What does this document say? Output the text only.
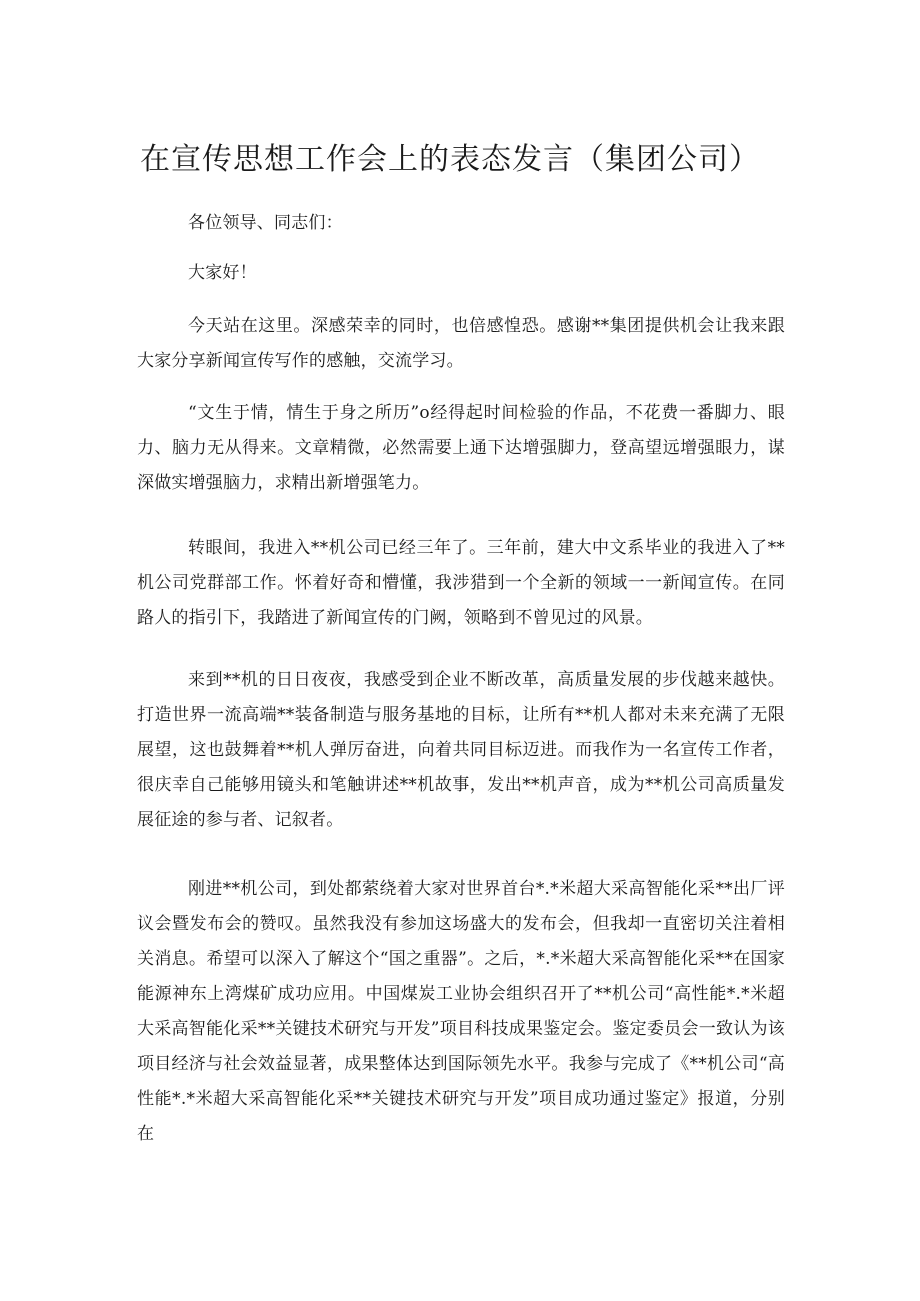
在宣传思想工作会上的表态发言（集团公司）

各位领导、同志们：

大家好！

今天站在这里。深感荣幸的同时，也倍感惶恐。感谢**集团提供机会让我来跟大家分享新闻宣传写作的感触，交流学习。

“文生于情，情生于身之所历”o经得起时间检验的作品，不花费一番脚力、眼力、脑力无从得来。文章精微，必然需要上通下达增强脚力，登高望远增强眼力，谋深做实增强脑力，求精出新增强笔力。

转眼间，我进入**机公司已经三年了。三年前，建大中文系毕业的我进入了**机公司党群部工作。怀着好奇和懵懂，我涉猎到一个全新的领域一一新闻宣传。在同路人的指引下，我踏进了新闻宣传的门阙，领略到不曾见过的风景。

来到**机的日日夜夜，我感受到企业不断改革，高质量发展的步伐越来越快。打造世界一流高端**装备制造与服务基地的目标，让所有**机人都对未来充满了无限展望，这也鼓舞着**机人弹厉奋进，向着共同目标迈进。而我作为一名宣传工作者，很庆幸自己能够用镜头和笔触讲述**机故事，发出**机声音，成为**机公司高质量发展征途的参与者、记叙者。

刚进**机公司，到处都萦绕着大家对世界首台*.*米超大采高智能化采**出厂评议会暨发布会的赞叹。虽然我没有参加这场盛大的发布会，但我却一直密切关注着相关消息。希望可以深入了解这个“国之重器”。之后，*.*米超大采高智能化采**在国家能源神东上湾煤矿成功应用。中国煤炭工业协会组织召开了**机公司“高性能*.*米超大采高智能化采**关键技术研究与开发”项目科技成果鉴定会。鉴定委员会一致认为该项目经济与社会效益显著，成果整体达到国际领先水平。我参与完成了《**机公司“高性能*.*米超大采高智能化采**关键技术研究与开发”项目成功通过鉴定》报道，分别在
